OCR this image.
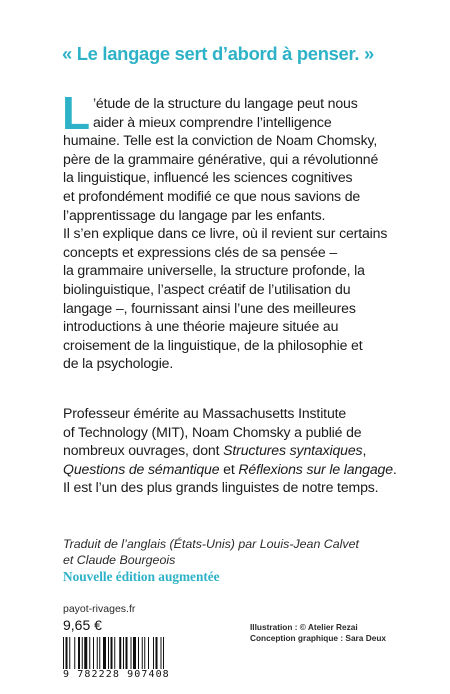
« Le langage sert d’abord à penser. »
L ’étude de la structure du langage peut nous
aider à mieux comprendre l’intelligence
humaine. Telle est la conviction de Noam Chomsky,
père de la grammaire générative, qui a révolutionné
la linguistique, influencé les sciences cognitives
et profondément modifié ce que nous savions de
l’apprentissage du langage par les enfants.
Il s’en explique dans ce livre, où il revient sur certains
concepts et expressions clés de sa pensée –
la grammaire universelle, la structure profonde, la
biolinguistique, l’aspect créatif de l’utilisation du
langage –, fournissant ainsi l’une des meilleures
introductions à une théorie majeure située au
croisement de la linguistique, de la philosophie et
de la psychologie.
Professeur émérite au Massachusetts Institute
of Technology (MIT), Noam Chomsky a publié de
nombreux ouvrages, dont Structures syntaxiques,
Questions de sémantique et Réflexions sur le langage.
Il est l’un des plus grands linguistes de notre temps.
Traduit de l’anglais (États-Unis) par Louis-Jean Calvet
et Claude Bourgeois
Nouvelle édition augmentée
payot-rivages.fr
9,65 €	Illustration : © Atelier Rezai
Conception graphique : Sara Deux
9 782228 907408
